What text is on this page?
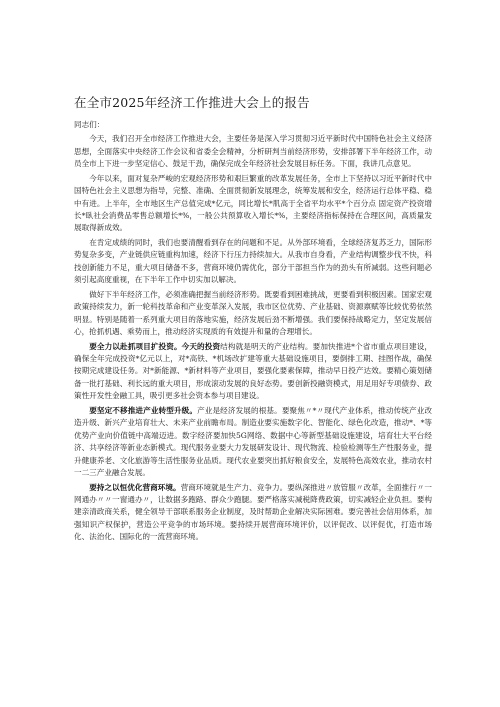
在全市2025年经济工作推进大会上的报告

同志们：

今天，我们召开全市经济工作推进大会，主要任务是深入学习贯彻习近平新时代中国特色社会主义经济思想，全面落实中央经济工作会议和省委全会精神，分析研判当前经济形势，安排部署下半年经济工作，动员全市上下进一步坚定信心、鼓足干劲，确保完成全年经济社会发展目标任务。下面，我讲几点意见。

今年以来，面对复杂严峻的宏观经济形势和艰巨繁重的改革发展任务，全市上下坚持以习近平新时代中国特色社会主义思想为指导，完整、准确、全面贯彻新发展理念，统筹发展和安全，经济运行总体平稳、稳中有进。上半年，全市地区生产总值完成*亿元，同比增长*肌高于全省平均水平*个百分点 固定资产投资增长*臥社会消费品零售总额增长*%，一般公共预算收入增长*%，主要经济指标保持在合理区间，高质量发展取得新成效。

在肯定成绩的同时，我们也要清醒看到存在的问题和不足。从外部环境看，全球经济复苏乏力，国际形势复杂多变，产业链供应链重构加速，经济下行压力持续加大。从我市自身看，产业结构调整步伐不快，科技创新能力不足，重大项目储备不多，营商环境仍需优化，部分干部担当作为的劲头有所减弱。这些问题必须引起高度重视，在下半年工作中切实加以解决。

做好下半年经济工作，必须准确把握当前经济形势。既要看到困难挑战，更要看到积极因素。国家宏观政策持续发力，新一轮科技革命和产业变革深入发展，我市区位优势、产业基础、资源禀赋等比较优势依然明显。特别是随着一系列重大项目的落地实施，经济发展后劲不断增强。我们要保持战略定力，坚定发展信心，抢抓机遇、乘势而上，推动经济实现质的有效提升和量的合理增长。

要全力以赴抓项目扩投资。今天的投资结构就是明天的产业结构。要加快推进*个省市重点项目建设，确保全年完成投资*亿元以上，对*高铁、*机场改扩建等重大基础设施项目，要倒排工期、挂图作战，确保按期完成建设任务。对*新能源、*新材料等产业项目，要强化要素保障，推动早日投产达效。要精心策划储备一批打基础、利长远的重大项目，形成滚动发展的良好态势。要创新投融资模式，用足用好专项债券、政策性开发性金融工具，吸引更多社会资本参与项目建设。

要坚定不移推进产业转型升级。产业是经济发展的根基。要聚焦〃*〃现代产业体系，推动传统产业改造升级、新兴产业培育壮大、未来产业前瞻布局。制造业要实施数字化、智能化、绿色化改造，推动*、*等优势产业向价值链中高端迈进。数字经济要加快5G网络、数据中心等新型基础设施建设，培育壮大平台经济、共享经济等新业态新模式。现代服务业要大力发展研发设计、现代物流、检验检测等生产性服务业，提升健康养老、文化旅游等生活性服务业品质。现代农业要突出抓好粮食安全，发展特色高效农业，推动农村一二三产业融合发展。

要持之以恒优化营商环境。营商环境就是生产力、竞争力。要纵深推进〃放管服〃改革，全面推行〃一网通办〃〃一窗通办〃，让数据多跑路、群众少跑腿。要严格落实减税降费政策，切实减轻企业负担。要构建亲清政商关系，健全领导干部联系服务企业制度，及时帮助企业解决实际困难。要完善社会信用体系，加强知识产权保护，营造公平竞争的市场环境。要持续开展营商环境评价，以评促改、以评促优，打造市场化、法治化、国际化的一流营商环境。
